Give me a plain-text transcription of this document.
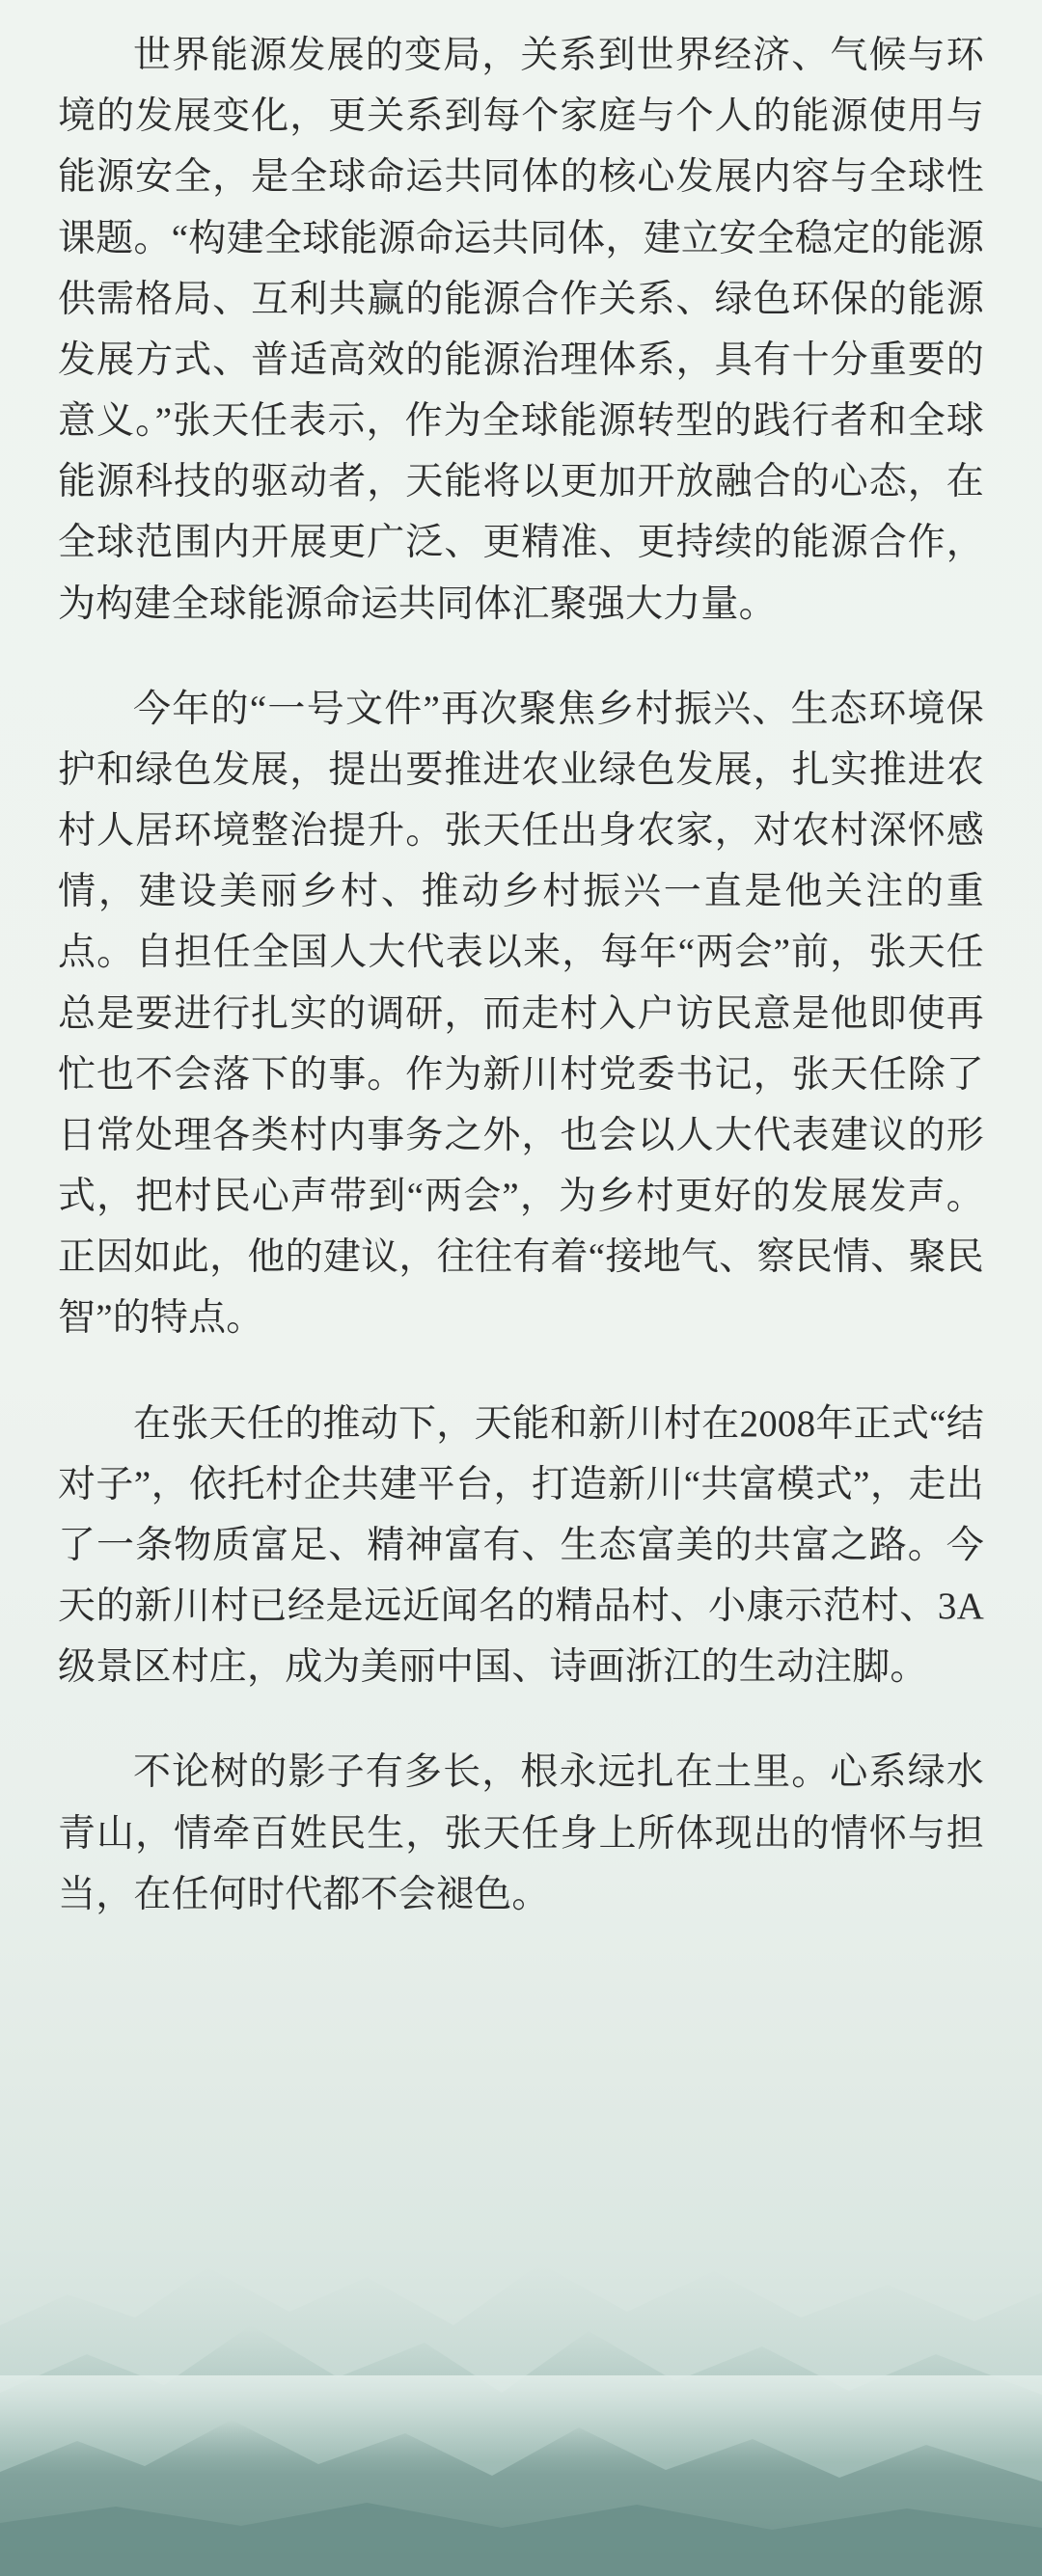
世界能源发展的变局，关系到世界经济、气候与环境的发展变化，更关系到每个家庭与个人的能源使用与能源安全，是全球命运共同体的核心发展内容与全球性课题。“构建全球能源命运共同体，建立安全稳定的能源供需格局、互利共赢的能源合作关系、绿色环保的能源发展方式、普适高效的能源治理体系，具有十分重要的意义。”张天任表示，作为全球能源转型的践行者和全球能源科技的驱动者，天能将以更加开放融合的心态，在全球范围内开展更广泛、更精准、更持续的能源合作，为构建全球能源命运共同体汇聚强大力量。

今年的“一号文件”再次聚焦乡村振兴、生态环境保护和绿色发展，提出要推进农业绿色发展，扎实推进农村人居环境整治提升。张天任出身农家，对农村深怀感情，建设美丽乡村、推动乡村振兴一直是他关注的重点。自担任全国人大代表以来，每年“两会”前，张天任总是要进行扎实的调研，而走村入户访民意是他即使再忙也不会落下的事。作为新川村党委书记，张天任除了日常处理各类村内事务之外，也会以人大代表建议的形式，把村民心声带到“两会”，为乡村更好的发展发声。正因如此，他的建议，往往有着“接地气、察民情、聚民智”的特点。

在张天任的推动下，天能和新川村在2008年正式“结对子”，依托村企共建平台，打造新川“共富模式”，走出了一条物质富足、精神富有、生态富美的共富之路。今天的新川村已经是远近闻名的精品村、小康示范村、3A级景区村庄，成为美丽中国、诗画浙江的生动注脚。

不论树的影子有多长，根永远扎在土里。心系绿水青山，情牵百姓民生，张天任身上所体现出的情怀与担当，在任何时代都不会褪色。
